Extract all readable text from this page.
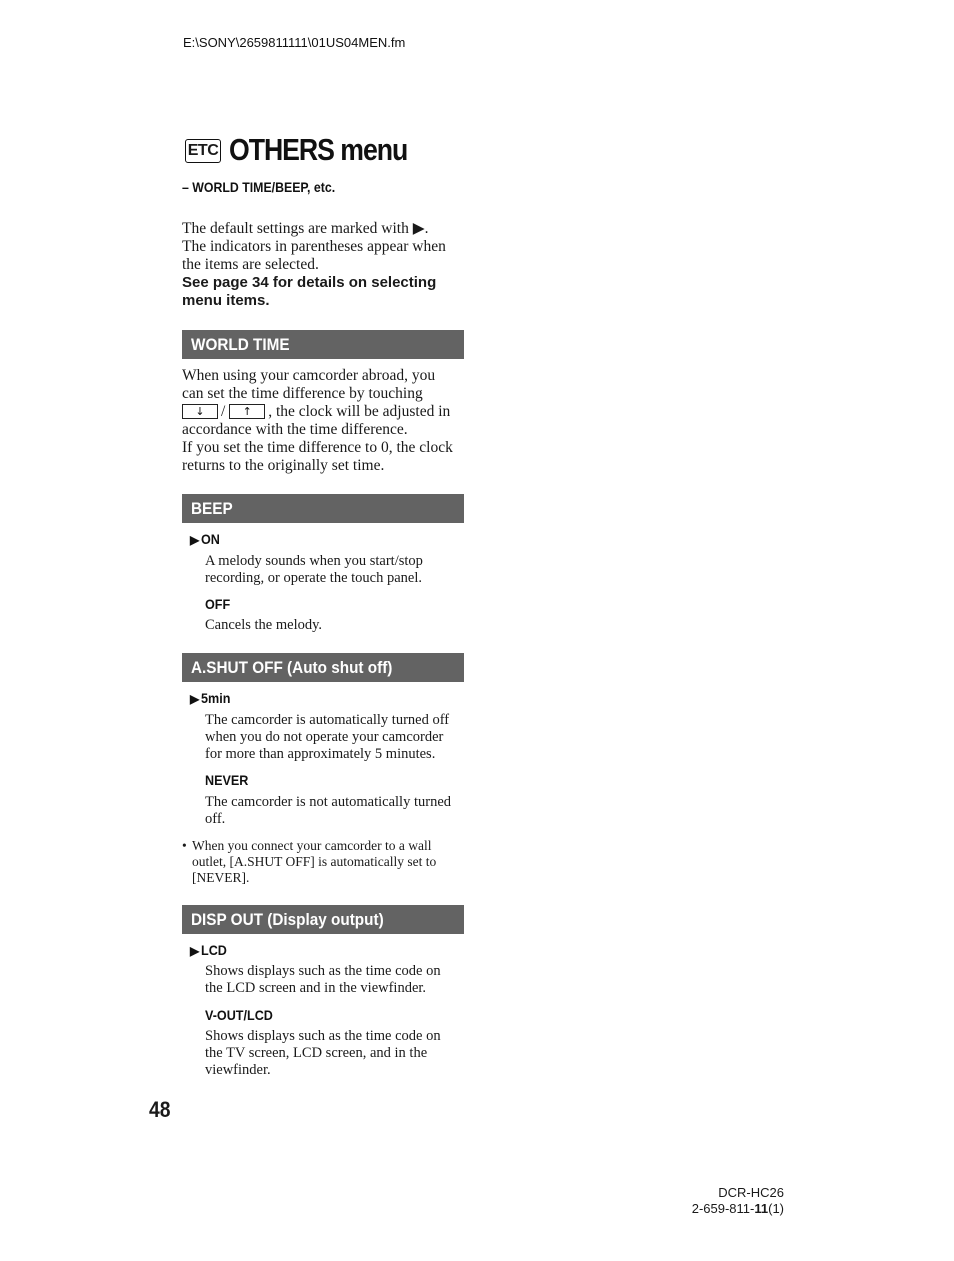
E:\SONY\2659811111\01US04MEN.fm
ETC OTHERS menu
– WORLD TIME/BEEP, etc.
The default settings are marked with ▶.
The indicators in parentheses appear when
the items are selected.
See page 34 for details on selecting
menu items.
WORLD TIME
When using your camcorder abroad, you
can set the time difference by touching
↓ / ↑ , the clock will be adjusted in
accordance with the time difference.
If you set the time difference to 0, the clock
returns to the originally set time.
BEEP
▶ ON
A melody sounds when you start/stop
recording, or operate the touch panel.
OFF
Cancels the melody.
A.SHUT OFF (Auto shut off)
▶ 5min
The camcorder is automatically turned off
when you do not operate your camcorder
for more than approximately 5 minutes.
NEVER
The camcorder is not automatically turned
off.
• When you connect your camcorder to a wall
outlet, [A.SHUT OFF] is automatically set to
[NEVER].
DISP OUT (Display output)
▶ LCD
Shows displays such as the time code on
the LCD screen and in the viewfinder.
V-OUT/LCD
Shows displays such as the time code on
the TV screen, LCD screen, and in the
viewfinder.
48
DCR-HC26
2-659-811-11(1)
